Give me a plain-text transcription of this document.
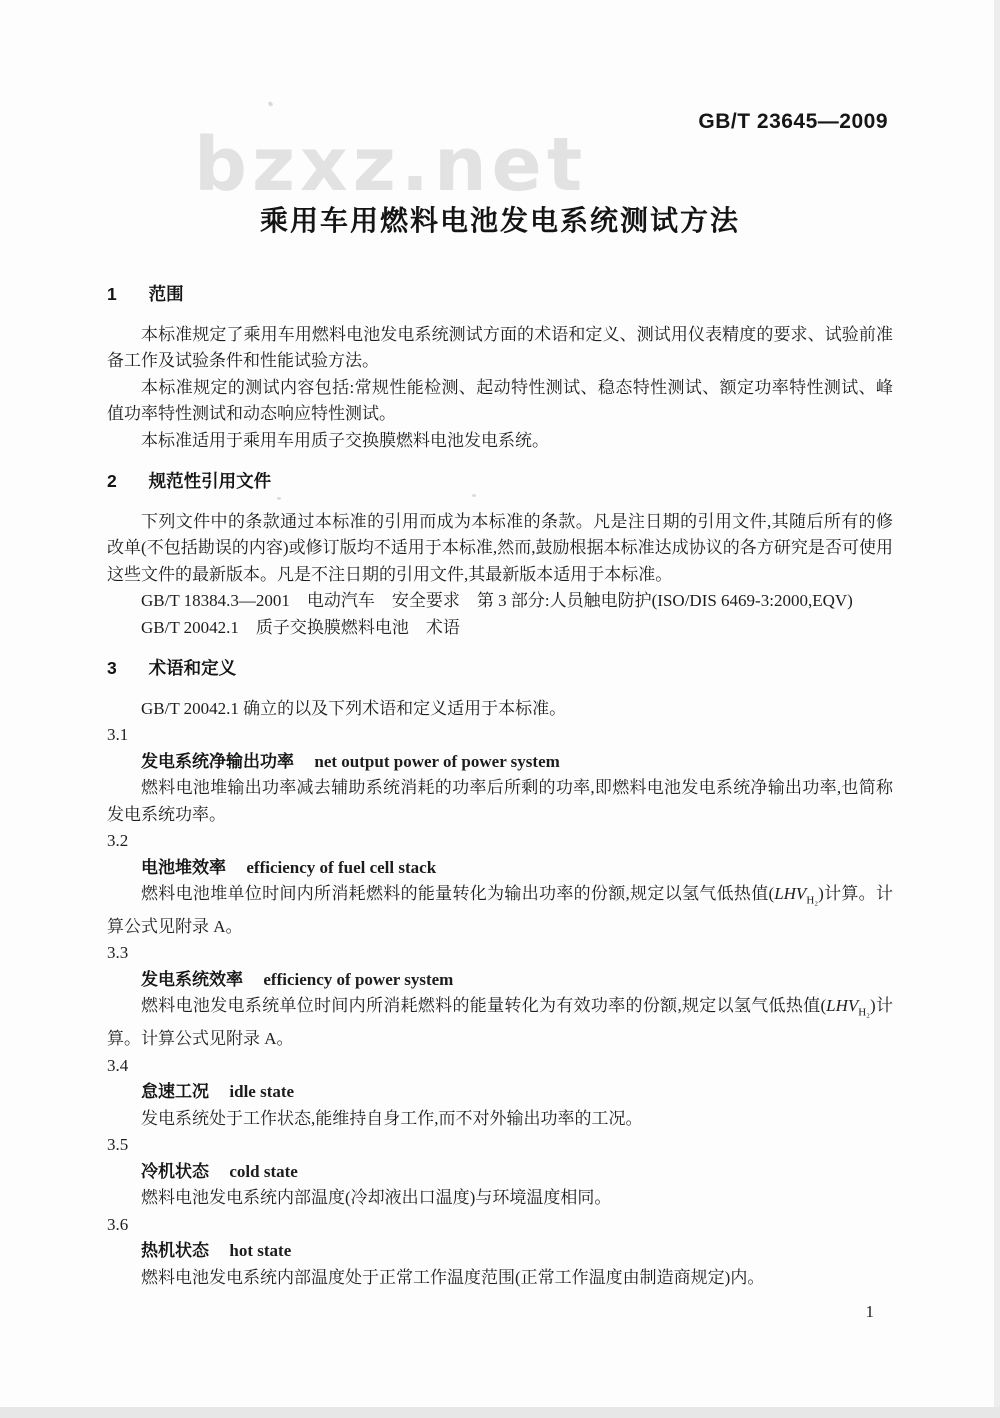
GB/T 23645—2009
bzxz.net
乘用车用燃料电池发电系统测试方法
1 范围

本标准规定了乘用车用燃料电池发电系统测试方面的术语和定义、测试用仪表精度的要求、试验前准备工作及试验条件和性能试验方法。

本标准规定的测试内容包括:常规性能检测、起动特性测试、稳态特性测试、额定功率特性测试、峰值功率特性测试和动态响应特性测试。

本标准适用于乘用车用质子交换膜燃料电池发电系统。

2 规范性引用文件

下列文件中的条款通过本标准的引用而成为本标准的条款。凡是注日期的引用文件,其随后所有的修改单(不包括勘误的内容)或修订版均不适用于本标准,然而,鼓励根据本标准达成协议的各方研究是否可使用这些文件的最新版本。凡是不注日期的引用文件,其最新版本适用于本标准。

GB/T 18384.3—2001　电动汽车　安全要求　第 3 部分:人员触电防护(ISO/DIS 6469-3:2000,EQV)

GB/T 20042.1　质子交换膜燃料电池　术语

3 术语和定义

GB/T 20042.1 确立的以及下列术语和定义适用于本标准。

3.1

发电系统净输出功率 net output power of power system

燃料电池堆输出功率减去辅助系统消耗的功率后所剩的功率,即燃料电池发电系统净输出功率,也简称发电系统功率。

3.2

电池堆效率 efficiency of fuel cell stack

燃料电池堆单位时间内所消耗燃料的能量转化为输出功率的份额,规定以氢气低热值$(LHV_{H_2})$计算。计算公式见附录 A。

3.3

发电系统效率 efficiency of power system

燃料电池发电系统单位时间内所消耗燃料的能量转化为有效功率的份额,规定以氢气低热值$(LHV_{H_2})$计算。计算公式见附录 A。

3.4

怠速工况 idle state

发电系统处于工作状态,能维持自身工作,而不对外输出功率的工况。

3.5

冷机状态 cold state

燃料电池发电系统内部温度(冷却液出口温度)与环境温度相同。

3.6

热机状态 hot state

燃料电池发电系统内部温度处于正常工作温度范围(正常工作温度由制造商规定)内。

1
